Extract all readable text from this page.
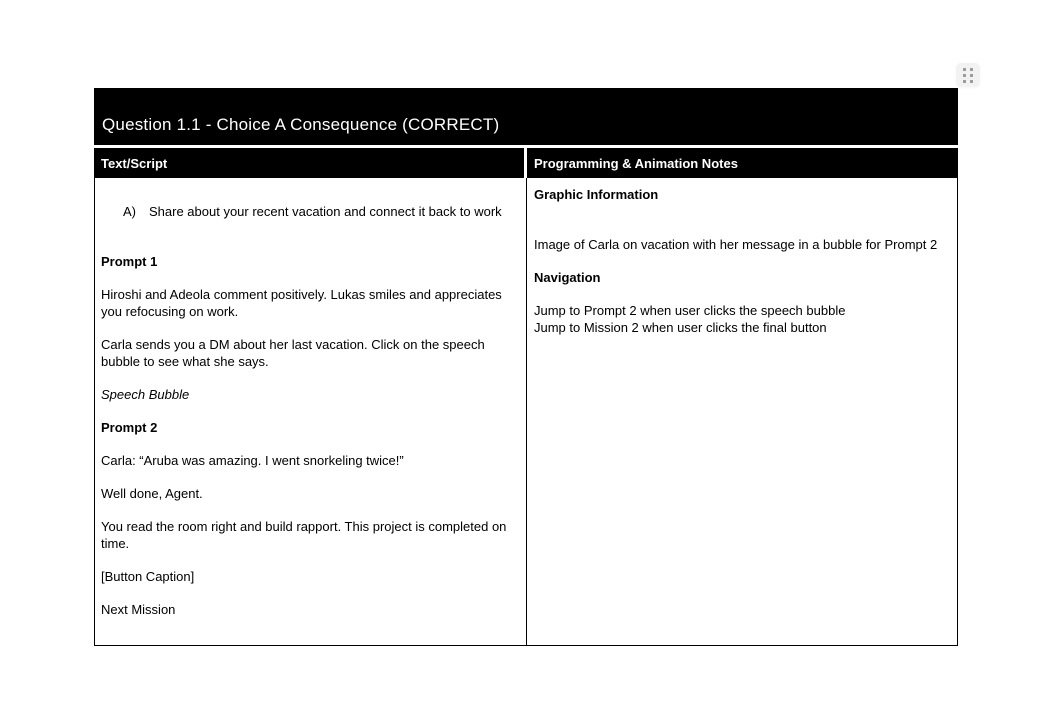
Question 1.1 - Choice A Consequence (CORRECT)
Text/Script	Programming & Animation Notes
A)	Share about your recent vacation and connect it back to work

Prompt 1
Hiroshi and Adeola comment positively. Lukas smiles and appreciates you refocusing on work.
Carla sends you a DM about her last vacation. Click on the speech bubble to see what she says.
Speech Bubble
Prompt 2
Carla: “Aruba was amazing. I went snorkeling twice!”
Well done, Agent.
You read the room right and build rapport. This project is completed on time.
[Button Caption]
Next Mission
Graphic Information

Image of Carla on vacation with her message in a bubble for Prompt 2
Navigation
Jump to Prompt 2 when user clicks the speech bubble
Jump to Mission 2 when user clicks the final button
